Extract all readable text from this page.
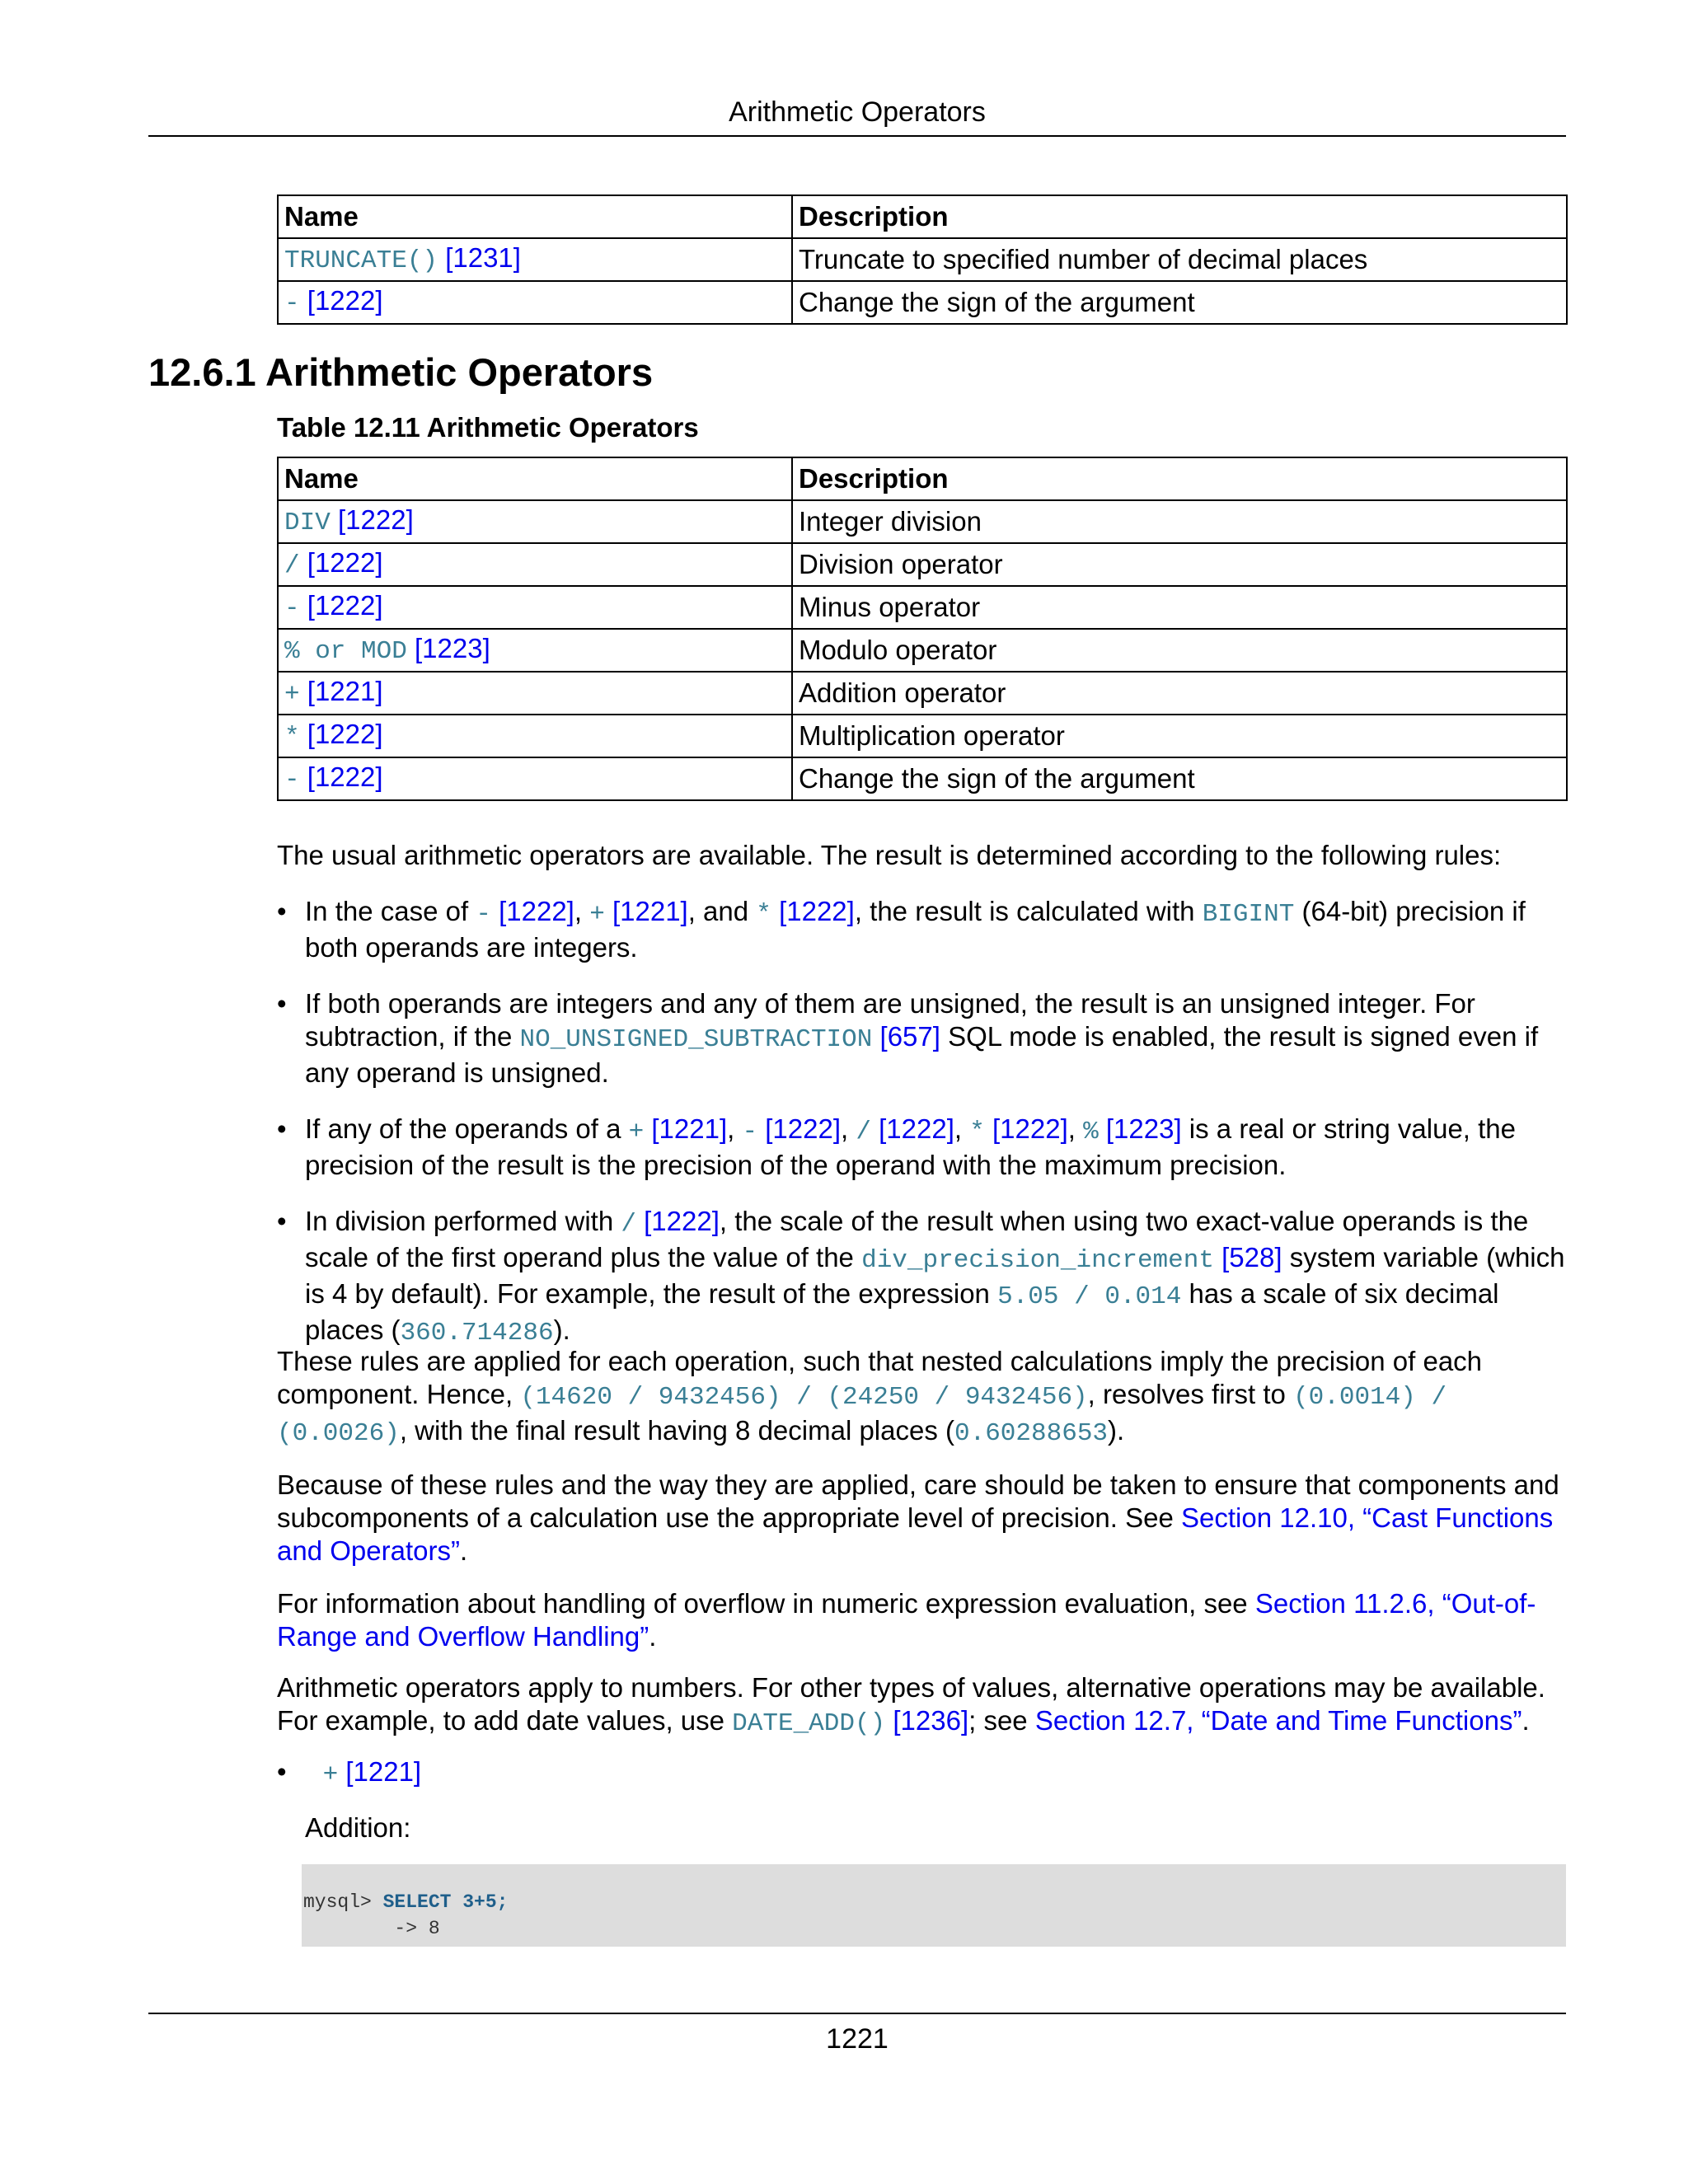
Arithmetic Operators
Name	Description
TRUNCATE() [1231]	Truncate to specified number of decimal places
- [1222]	Change the sign of the argument
12.6.1 Arithmetic Operators
Table 12.11 Arithmetic Operators
Name	Description
DIV [1222]	Integer division
/ [1222]	Division operator
- [1222]	Minus operator
% or MOD [1223]	Modulo operator
+ [1221]	Addition operator
* [1222]	Multiplication operator
- [1222]	Change the sign of the argument

The usual arithmetic operators are available. The result is determined according to the following rules:

• In the case of - [1222], + [1221], and * [1222], the result is calculated with BIGINT (64-bit) precision if both operands are integers.
• If both operands are integers and any of them are unsigned, the result is an unsigned integer. For subtraction, if the NO_UNSIGNED_SUBTRACTION [657] SQL mode is enabled, the result is signed even if any operand is unsigned.
• If any of the operands of a + [1221], - [1222], / [1222], * [1222], % [1223] is a real or string value, the precision of the result is the precision of the operand with the maximum precision.
• In division performed with / [1222], the scale of the result when using two exact-value operands is the scale of the first operand plus the value of the div_precision_increment [528] system variable (which is 4 by default). For example, the result of the expression 5.05 / 0.014 has a scale of six decimal places (360.714286).

These rules are applied for each operation, such that nested calculations imply the precision of each component. Hence, (14620 / 9432456) / (24250 / 9432456), resolves first to (0.0014) / (0.0026), with the final result having 8 decimal places (0.60288653).

Because of these rules and the way they are applied, care should be taken to ensure that components and subcomponents of a calculation use the appropriate level of precision. See Section 12.10, “Cast Functions and Operators”.

For information about handling of overflow in numeric expression evaluation, see Section 11.2.6, “Out-of-Range and Overflow Handling”.

Arithmetic operators apply to numbers. For other types of values, alternative operations may be available. For example, to add date values, use DATE_ADD() [1236]; see Section 12.7, “Date and Time Functions”.

• + [1221]

Addition:

mysql> SELECT 3+5;
-> 8
1221
